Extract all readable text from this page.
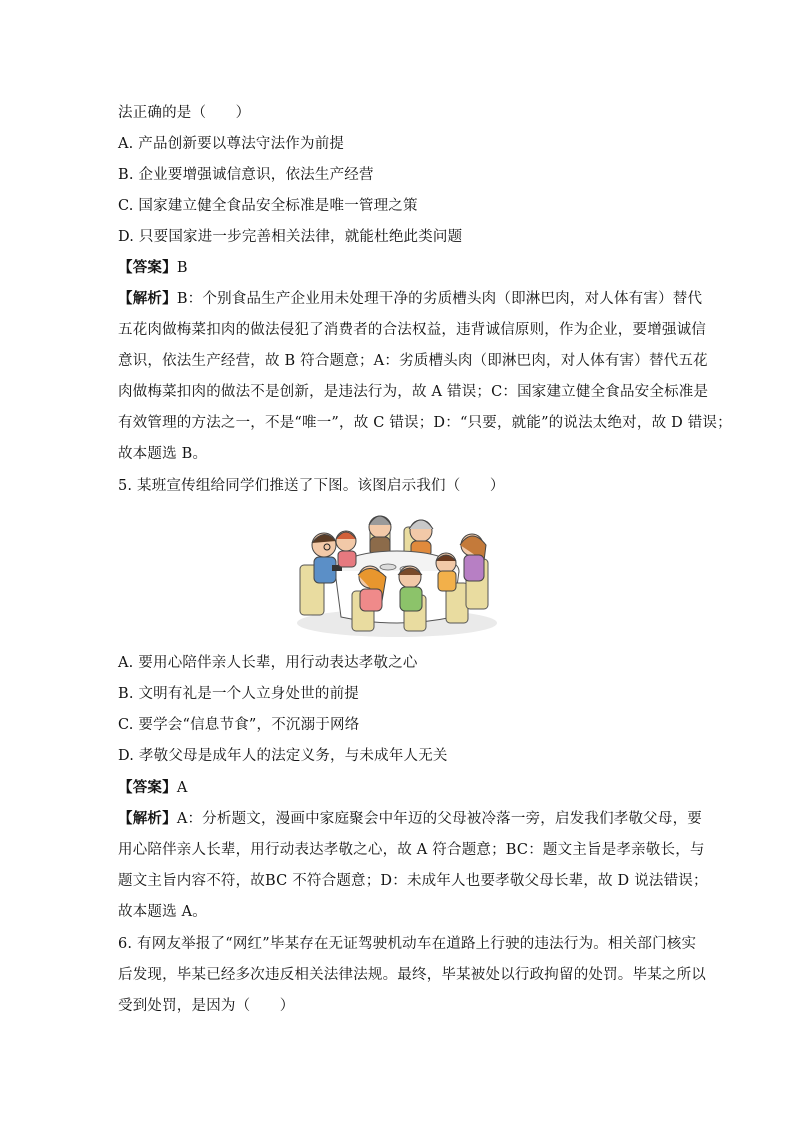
法正确的是（　　）
A. 产品创新要以尊法守法作为前提
B. 企业要增强诚信意识，依法生产经营
C. 国家建立健全食品安全标准是唯一管理之策
D. 只要国家进一步完善相关法律，就能杜绝此类问题
【答案】B
【解析】B：个别食品生产企业用未处理干净的劣质槽头肉（即淋巴肉，对人体有害）替代
五花肉做梅菜扣肉的做法侵犯了消费者的合法权益，违背诚信原则，作为企业，要增强诚信
意识，依法生产经营，故 B 符合题意；A：劣质槽头肉（即淋巴肉，对人体有害）替代五花
肉做梅菜扣肉的做法不是创新，是违法行为，故 A 错误；C：国家建立健全食品安全标准是
有效管理的方法之一，不是“唯一”，故 C 错误；D：“只要，就能”的说法太绝对，故 D 错误；
故本题选 B。
5. 某班宣传组给同学们推送了下图。该图启示我们（　　）
A. 要用心陪伴亲人长辈，用行动表达孝敬之心
B. 文明有礼是一个人立身处世的前提
C. 要学会“信息节食”，不沉溺于网络
D. 孝敬父母是成年人的法定义务，与未成年人无关
【答案】A
【解析】A：分析题文，漫画中家庭聚会中年迈的父母被冷落一旁，启发我们孝敬父母，要
用心陪伴亲人长辈，用行动表达孝敬之心，故 A 符合题意；BC：题文主旨是孝亲敬长，与
题文主旨内容不符，故BC 不符合题意；D：未成年人也要孝敬父母长辈，故 D 说法错误；
故本题选 A。
6. 有网友举报了“网红”毕某存在无证驾驶机动车在道路上行驶的违法行为。相关部门核实
后发现，毕某已经多次违反相关法律法规。最终，毕某被处以行政拘留的处罚。毕某之所以
受到处罚，是因为（　　）
